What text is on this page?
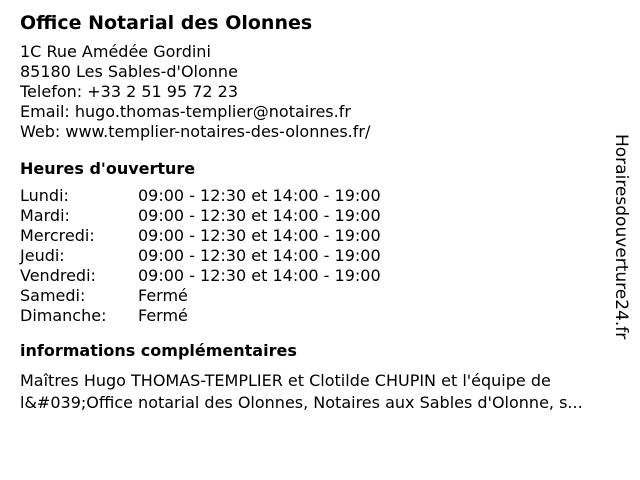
Office Notarial des Olonnes
1C Rue Amédée Gordini
85180 Les Sables-d'Olonne
Telefon: +33 2 51 95 72 23
Email: hugo.thomas-templier@notaires.fr
Web: www.templier-notaires-des-olonnes.fr/
Heures d'ouverture
Lundi:	09:00 - 12:30 et 14:00 - 19:00
Mardi:	09:00 - 12:30 et 14:00 - 19:00
Mercredi:	09:00 - 12:30 et 14:00 - 19:00
Jeudi:	09:00 - 12:30 et 14:00 - 19:00
Vendredi:	09:00 - 12:30 et 14:00 - 19:00
Samedi:	Fermé
Dimanche:	Fermé
informations complémentaires
Maîtres Hugo THOMAS-TEMPLIER et Clotilde CHUPIN et l'équipe de l&#039;Office notarial des Olonnes, Notaires aux Sables d'Olonne, s...
Horairesdouverture24.fr
